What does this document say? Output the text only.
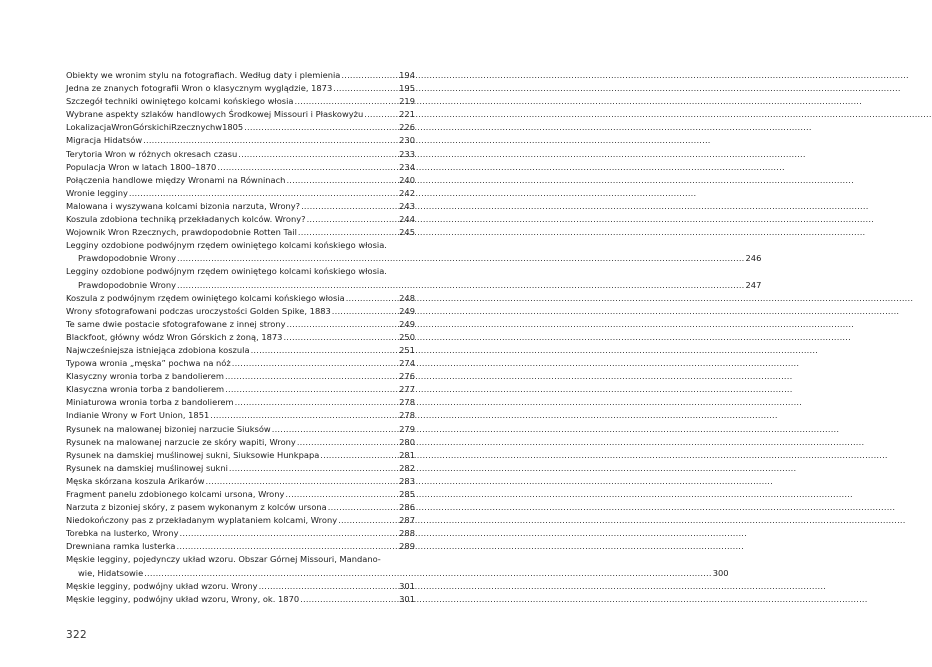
Obiekty we wronim stylu na fotografiach. Według daty i plemienia .....	194
Jedna ze znanych fotografii Wron o klasycznym wyglądzie, 1873 .....	195
Szczegół techniki owiniętego kolcami końskiego włosia .....	219
Wybrane aspekty szlaków handlowych Środkowej Missouri i Płaskowyżu .....	221
LokalizacjaWronGórskichiRzecznychw1805 .....	226
Migracja Hidatsów .....	230
Terytoria Wron w różnych okresach czasu .....	233
Populacja Wron w latach 1800–1870 .....	234
Połączenia handlowe między Wronami na Równinach .....	240
Wronie legginy .....	242
Malowana i wyszywana kolcami bizonia narzuta, Wrony? .....	243
Koszula zdobiona techniką przekładanych kolców. Wrony? .....	244
Wojownik Wron Rzecznych, prawdopodobnie Rotten Tail .....	245
Legginy ozdobione podwójnym rzędem owiniętego kolcami końskiego włosia.
Prawdopodobnie Wrony .....	246
Legginy ozdobione podwójnym rzędem owiniętego kolcami końskiego włosia.
Prawdopodobnie Wrony .....	247
Koszula z podwójnym rzędem owiniętego kolcami końskiego włosia .....	248
Wrony sfotografowani podczas uroczystości Golden Spike, 1883 .....	249
Te same dwie postacie sfotografowane z innej strony .....	249
Blackfoot, główny wódz Wron Górskich z żoną, 1873 .....	250
Najwcześniejsza istniejąca zdobiona koszula .....	251
Typowa wronia „męska” pochwa na nóż .....	274
Klasyczny wronia torba z bandolierem .....	276
Klasyczna wronia torba z bandolierem .....	277
Miniaturowa wronia torba z bandolierem .....	278
Indianie Wrony w Fort Union, 1851 .....	278
Rysunek na malowanej bizoniej narzucie Siuksów .....	279
Rysunek na malowanej narzucie ze skóry wapiti, Wrony .....	280
Rysunek na damskiej muślinowej sukni, Siuksowie Hunkpapa .....	281
Rysunek na damskiej muślinowej sukni .....	282
Męska skórzana koszula Arikarów .....	283
Fragment panelu zdobionego kolcami ursona, Wrony .....	285
Narzuta z bizoniej skóry, z pasem wykonanym z kolców ursona .....	286
Niedokończony pas z przekładanym wyplataniem kolcami, Wrony .....	287
Torebka na lusterko, Wrony .....	288
Drewniana ramka lusterka .....	289
Męskie legginy, pojedynczy układ wzoru. Obszar Górnej Missouri, Mandano-
wie, Hidatsowie .....	300
Męskie legginy, podwójny układ wzoru. Wrony .....	301
Męskie legginy, podwójny układ wzoru, Wrony, ok. 1870 .....	301
322
